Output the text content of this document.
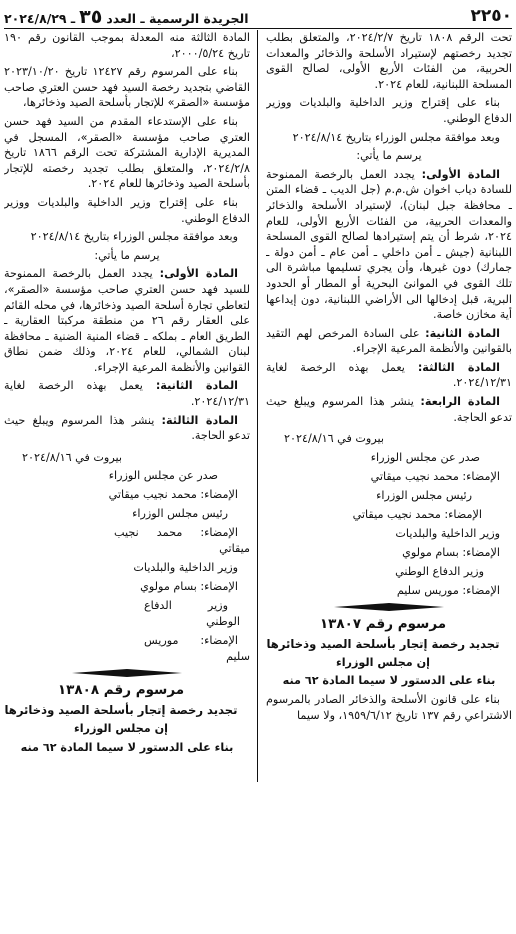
٢٢٥٠
الجريدة الرسمية ـ العدد
٣٥
ـ ٢٠٢٤/٨/٢٩

تحت الرقم ١٨٠٨ تاريخ ٢٠٢٤/٢/٧، والمتعلق بطلب تجديد رخصتهم لإستيراد الأسلحة والذخائر والمعدات الحربية، من الفئات الأربع الأولى، لصالح القوى المسلحة اللبنانية، للعام ٢٠٢٤.

بناء على إقتراح وزير الداخلية والبلديات ووزير الدفاع الوطني.

وبعد موافقة مجلس الوزراء بتاريخ ٢٠٢٤/٨/١٤

يرسم ما يأتي:

المادة الأولى: يجدد العمل بالرخصة الممنوحة للسادة دياب اخوان ش.م.م (جل الديب ـ قضاء المتن ـ محافظة جبل لبنان)، لإستيراد الأسلحة والذخائر والمعدات الحربية، من الفئات الأربع الأولى، للعام ٢٠٢٤، شرط أن يتم إستيرادها لصالح القوى المسلحة اللبنانية (جيش ـ أمن داخلي ـ أمن عام ـ أمن دولة ـ جمارك) دون غيرها، وأن يجري تسليمها مباشرة الى تلك القوى في الموانئ البحرية أو المطار أو الحدود البرية، قبل إدخالها الى الأراضي اللبنانية، دون إيداعها أية مخازن خاصة.

المادة الثانية: على السادة المرخص لهم التقيد بالقوانين والأنظمة المرعية الإجراء.

المادة الثالثة: يعمل بهذه الرخصة لغاية ٢٠٢٤/١٢/٣١.

المادة الرابعة: ينشر هذا المرسوم ويبلغ حيث تدعو الحاجة.

بيروت في ٢٠٢٤/٨/١٦

صدر عن مجلس الوزراء

الإمضاء: محمد نجيب ميقاتي

رئيس مجلس الوزراء

الإمضاء: محمد نجيب ميقاتي

وزير الداخلية والبلديات

الإمضاء: بسام مولوي

وزير الدفاع الوطني

الإمضاء: موريس سليم

مرسوم رقم ١٣٨٠٧

تجديد رخصة إتجار بأسلحة الصيد وذخائرها

إن مجلس الوزراء

بناء على الدستور لا سيما المادة ٦٢ منه

بناء على قانون الأسلحة والذخائر الصادر بالمرسوم الاشتراعي رقم ١٣٧ تاريخ ١٩٥٩/٦/١٢، ولا سيما

المادة الثالثة منه المعدلة بموجب القانون رقم ١٩٠ تاريخ ٢٠٠٠/٥/٢٤،

بناء على المرسوم رقم ١٢٤٢٧ تاريخ ٢٠٢٣/١٠/٢٠ القاضي بتجديد رخصة السيد فهد حسن العتري صاحب مؤسسة «الصقر» للإتجار بأسلحة الصيد وذخائرها،

بناء على الإستدعاء المقدم من السيد فهد حسن العتري صاحب مؤسسة «الصقر»، المسجل في المديرية الإدارية المشتركة تحت الرقم ١٨٦٦ تاريخ ٢٠٢٤/٢/٨، والمتعلق بطلب تجديد رخصته للإتجار بأسلحة الصيد وذخائرها للعام ٢٠٢٤.

بناء على إقتراح وزير الداخلية والبلديات ووزير الدفاع الوطني.

وبعد موافقة مجلس الوزراء بتاريخ ٢٠٢٤/٨/١٤

يرسم ما يأتي:

المادة الأولى: يجدد العمل بالرخصة الممنوحة للسيد فهد حسن العتري صاحب مؤسسة «الصقر»، لتعاطي تجارة أسلحة الصيد وذخائرها، في محله القائم على العقار رقم ٢٦ من منطقة مركبتا العقارية ـ الطريق العام ـ بملكه ـ قضاء المنية الضنية ـ محافظة لبنان الشمالي، للعام ٢٠٢٤، وذلك ضمن نطاق القوانين والأنظمة المرعية الإجراء.

المادة الثانية: يعمل بهذه الرخصة لغاية ٢٠٢٤/١٢/٣١.

المادة الثالثة: ينشر هذا المرسوم ويبلغ حيث تدعو الحاجة.

بيروت في ٢٠٢٤/٨/١٦

صدر عن مجلس الوزراء

الإمضاء: محمد نجيب ميقاتي

رئيس مجلس الوزراء

الإمضاء: محمد نجيب ميقاتي

وزير الداخلية والبلديات

الإمضاء: بسام مولوي

وزير الدفاع الوطني

الإمضاء: موريس سليم

مرسوم رقم ١٣٨٠٨

تجديد رخصة إتجار بأسلحة الصيد وذخائرها

إن مجلس الوزراء

بناء على الدستور لا سيما المادة ٦٢ منه
